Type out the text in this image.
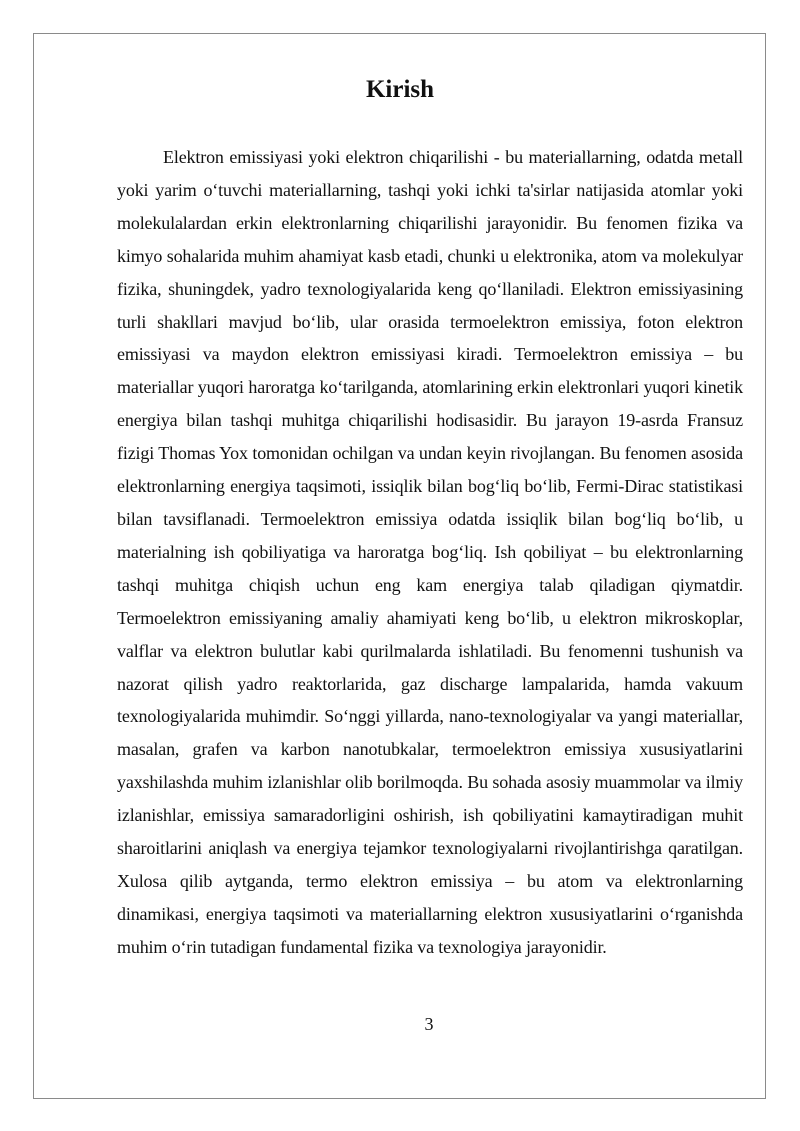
Kirish

Elektron emissiyasi yoki elektron chiqarilishi - bu materiallarning, odatda metall yoki yarim o‘tuvchi materiallarning, tashqi yoki ichki ta'sirlar natijasida atomlar yoki molekulalardan erkin elektronlarning chiqarilishi jarayonidir. Bu fenomen fizika va kimyo sohalarida muhim ahamiyat kasb etadi, chunki u elektronika, atom va molekulyar fizika, shuningdek, yadro texnologiyalarida keng qo‘llaniladi. Elektron emissiyasining turli shakllari mavjud bo‘lib, ular orasida termoelektron emissiya, foton elektron emissiyasi va maydon elektron emissiyasi kiradi. Termoelektron emissiya – bu materiallar yuqori haroratga ko‘tarilganda, atomlarining erkin elektronlari yuqori kinetik energiya bilan tashqi muhitga chiqarilishi hodisasidir. Bu jarayon 19-asrda Fransuz fizigi Thomas Yox tomonidan ochilgan va undan keyin rivojlangan. Bu fenomen asosida elektronlarning energiya taqsimoti, issiqlik bilan bog‘liq bo‘lib, Fermi-Dirac statistikasi bilan tavsiflanadi. Termoelektron emissiya odatda issiqlik bilan bog‘liq bo‘lib, u materialning ish qobiliyatiga va haroratga bog‘liq. Ish qobiliyat – bu elektronlarning tashqi muhitga chiqish uchun eng kam energiya talab qiladigan qiymatdir. Termoelektron emissiyaning amaliy ahamiyati keng bo‘lib, u elektron mikroskoplar, valflar va elektron bulutlar kabi qurilmalarda ishlatiladi. Bu fenomenni tushunish va nazorat qilish yadro reaktorlarida, gaz discharge lampalarida, hamda vakuum texnologiyalarida muhimdir. So‘nggi yillarda, nano-texnologiyalar va yangi materiallar, masalan, grafen va karbon nanotubkalar, termoelektron emissiya xususiyatlarini yaxshilashda muhim izlanishlar olib borilmoqda. Bu sohada asosiy muammolar va ilmiy izlanishlar, emissiya samaradorligini oshirish, ish qobiliyatini kamaytiradigan muhit sharoitlarini aniqlash va energiya tejamkor texnologiyalarni rivojlantirishga qaratilgan. Xulosa qilib aytganda, termo elektron emissiya – bu atom va elektronlarning dinamikasi, energiya taqsimoti va materiallarning elektron xususiyatlarini o‘rganishda muhim o‘rin tutadigan fundamental fizika va texnologiya jarayonidir.

3
